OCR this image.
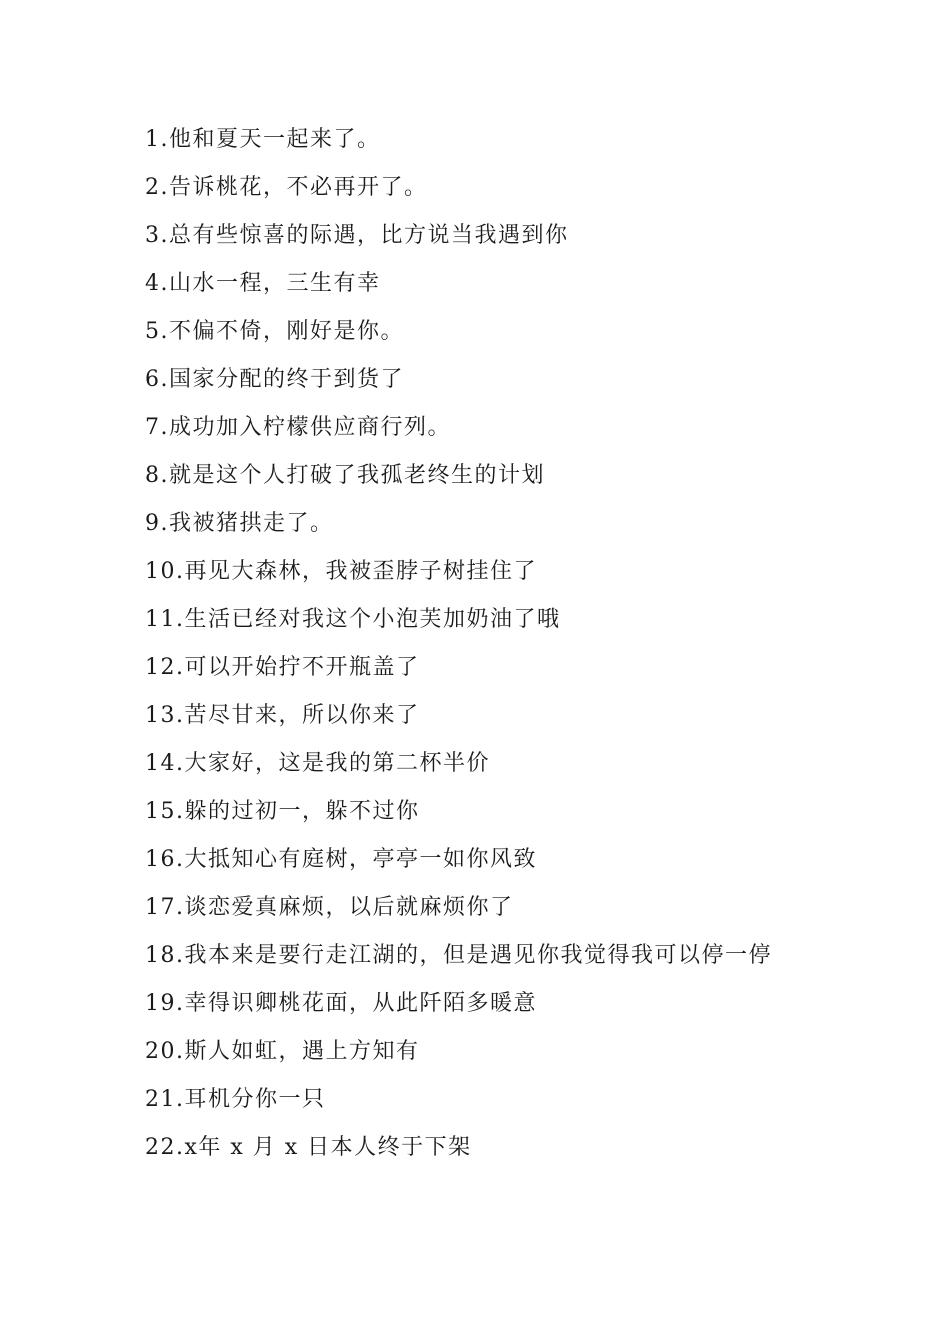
1.他和夏天一起来了。
2.告诉桃花，不必再开了。
3.总有些惊喜的际遇，比方说当我遇到你
4.山水一程，三生有幸
5.不偏不倚，刚好是你。
6.国家分配的终于到货了
7.成功加入柠檬供应商行列。
8.就是这个人打破了我孤老终生的计划
9.我被猪拱走了。
10.再见大森林，我被歪脖子树挂住了
11.生活已经对我这个小泡芙加奶油了哦
12.可以开始拧不开瓶盖了
13.苦尽甘来，所以你来了
14.大家好，这是我的第二杯半价
15.躲的过初一，躲不过你
16.大抵知心有庭树，亭亭一如你风致
17.谈恋爱真麻烦，以后就麻烦你了
18.我本来是要行走江湖的，但是遇见你我觉得我可以停一停
19.幸得识卿桃花面，从此阡陌多暖意
20.斯人如虹，遇上方知有
21.耳机分你一只
22.x年 x 月 x 日本人终于下架
